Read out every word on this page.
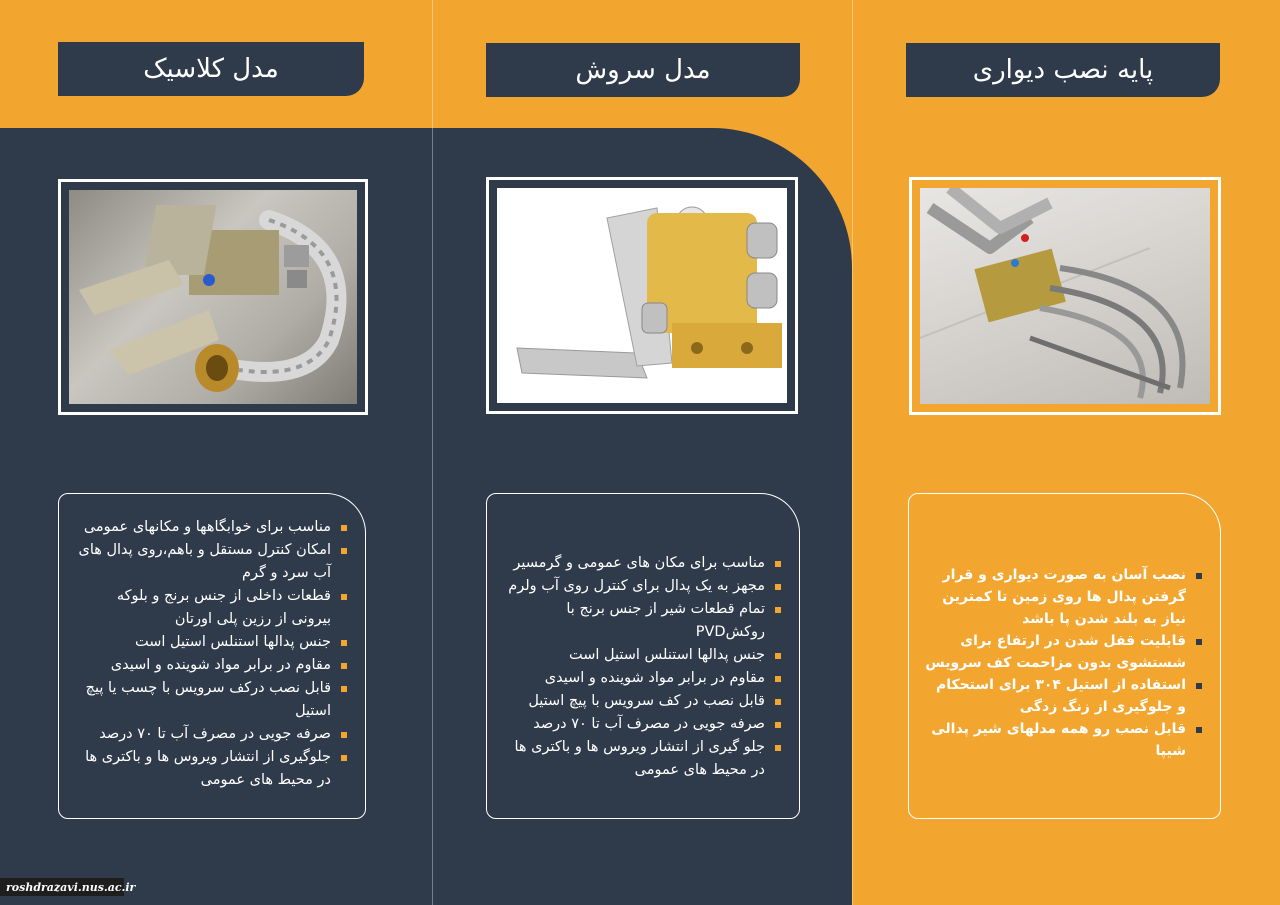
مدل کلاسیک	مدل سروش	پایه نصب دیواری
مناسب برای خوابگاهها و مکانهای عمومی
امکان کنترل مستقل و باهم،روی پدال های آب سرد و گرم
قطعات داخلی از جنس برنج و بلوکه بیرونی از رزین پلی اورتان
جنس پدالها استنلس استیل است
مقاوم در برابر مواد شوینده و اسیدی
قابل نصب درکف سرویس با چسب یا پیچ استیل
صرفه جویی در مصرف آب تا ۷۰ درصد
جلوگیری از انتشار ویروس ها و باکتری ها در محیط های عمومی
مناسب برای مکان های عمومی و گرمسیر
مجهز به یک پدال برای کنترل روی آب ولرم
تمام قطعات شیر از جنس برنج با روکشPVD
جنس پدالها استنلس استیل است
مقاوم در برابر مواد شوینده و اسیدی
قابل نصب در کف سرویس با پیچ استیل
صرفه جویی در مصرف آب تا ۷۰ درصد
جلو گیری از انتشار ویروس ها و باکتری ها در محیط های عمومی
نصب آسان به صورت دیواری و قرار گرفتن پدال ها روی زمین تا کمترین نیاز به بلند شدن پا باشد
قابلیت قفل شدن در ارتفاع برای شستشوی بدون مزاحمت کف سرویس
استفاده از استیل ۳۰۴ برای استحکام و جلوگیری از زنگ زدگی
قابل نصب رو همه مدلهای شیر پدالی شیپا
roshdrazavi.nus.ac.ir
